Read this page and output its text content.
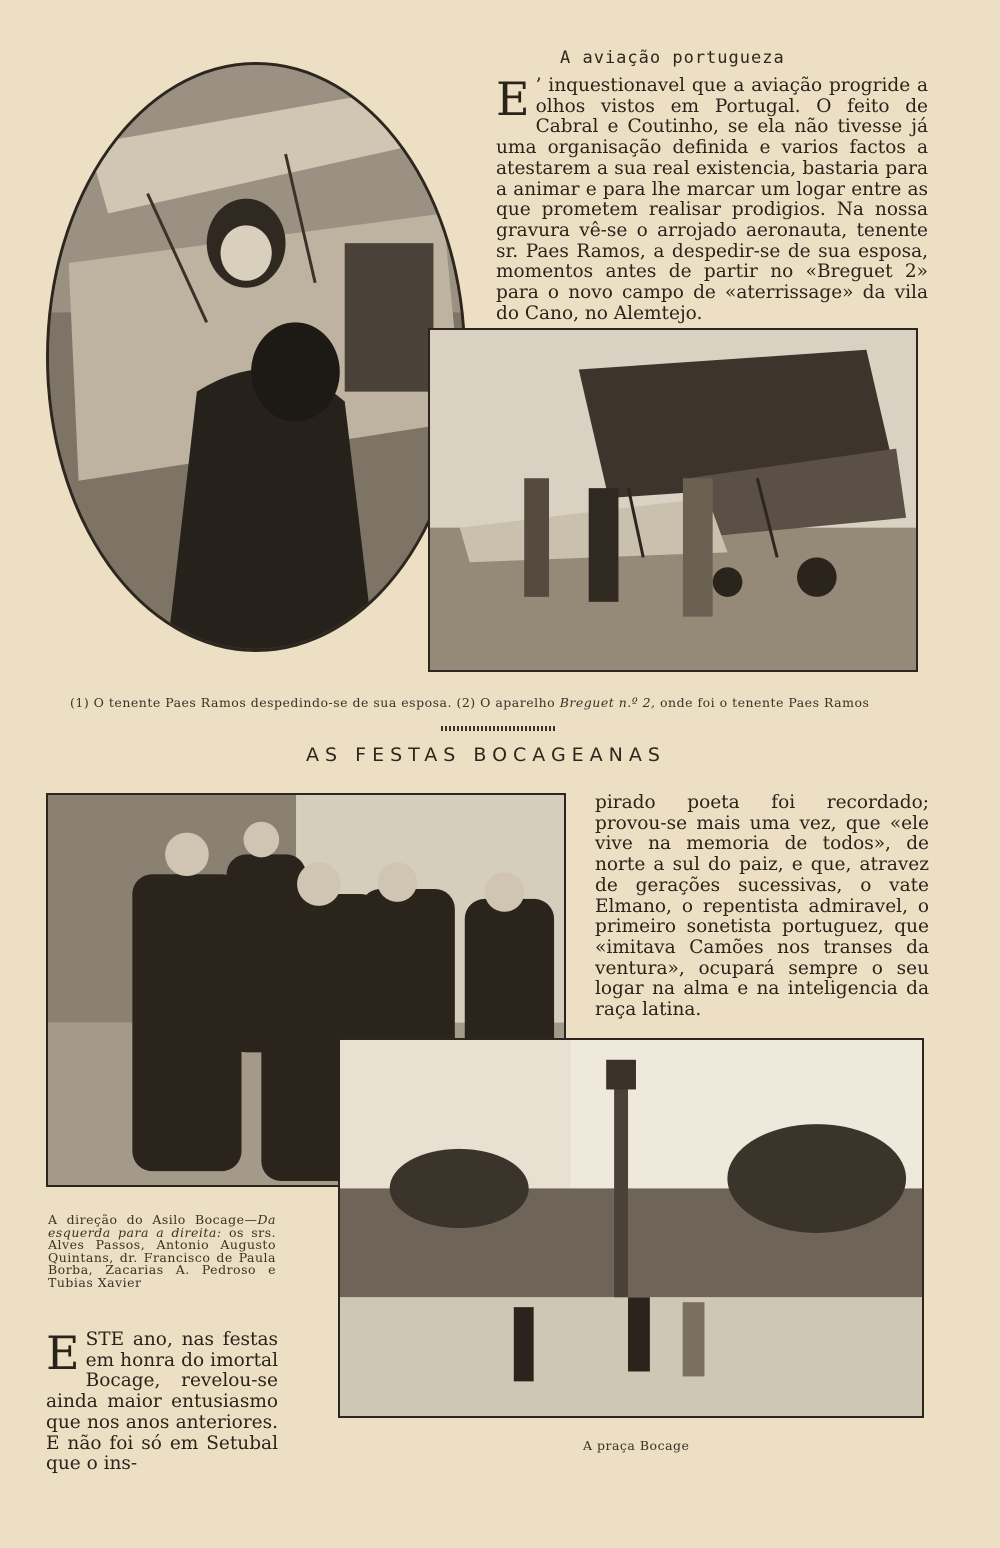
A aviação portugueza
E ’ inquestionavel que a aviação progride a olhos vistos em Portugal. O feito de Cabral e Coutinho, se ela não tivesse já uma organisação definida e varios factos a atestarem a sua real existencia, bastaria para a animar e para lhe marcar um logar entre as que prometem realisar prodigios. Na nossa gravura vê-se o arrojado aeronauta, tenente sr. Paes Ramos, a despedir-se de sua esposa, momentos antes de partir no «Breguet 2» para o novo campo de «aterrissage» da vila do Cano, no Alemtejo.
(1) O tenente Paes Ramos despedindo-se de sua esposa. (2) O aparelho Breguet n.º 2, onde foi o tenente Paes Ramos
AS FESTAS BOCAGEANAS
pirado poeta foi recordado; provou-se mais uma vez, que «ele vive na memoria de todos», de norte a sul do paiz, e que, atravez de gerações sucessivas, o vate Elmano, o repentista admiravel, o primeiro sonetista portuguez, que «imitava Camões nos transes da ventura», ocupará sempre o seu logar na alma e na inteligencia da raça latina.
A direção do Asilo Bocage—Da esquerda para a direita: os srs. Alves Passos, Antonio Augusto Quintans, dr. Francisco de Paula Borba, Zacarias A. Pedroso e Tubias Xavier
E STE ano, nas festas em honra do imortal Bocage, revelou-se ainda maior entusiasmo que nos anos anteriores. E não foi só em Setubal que o ins-
A praça Bocage
